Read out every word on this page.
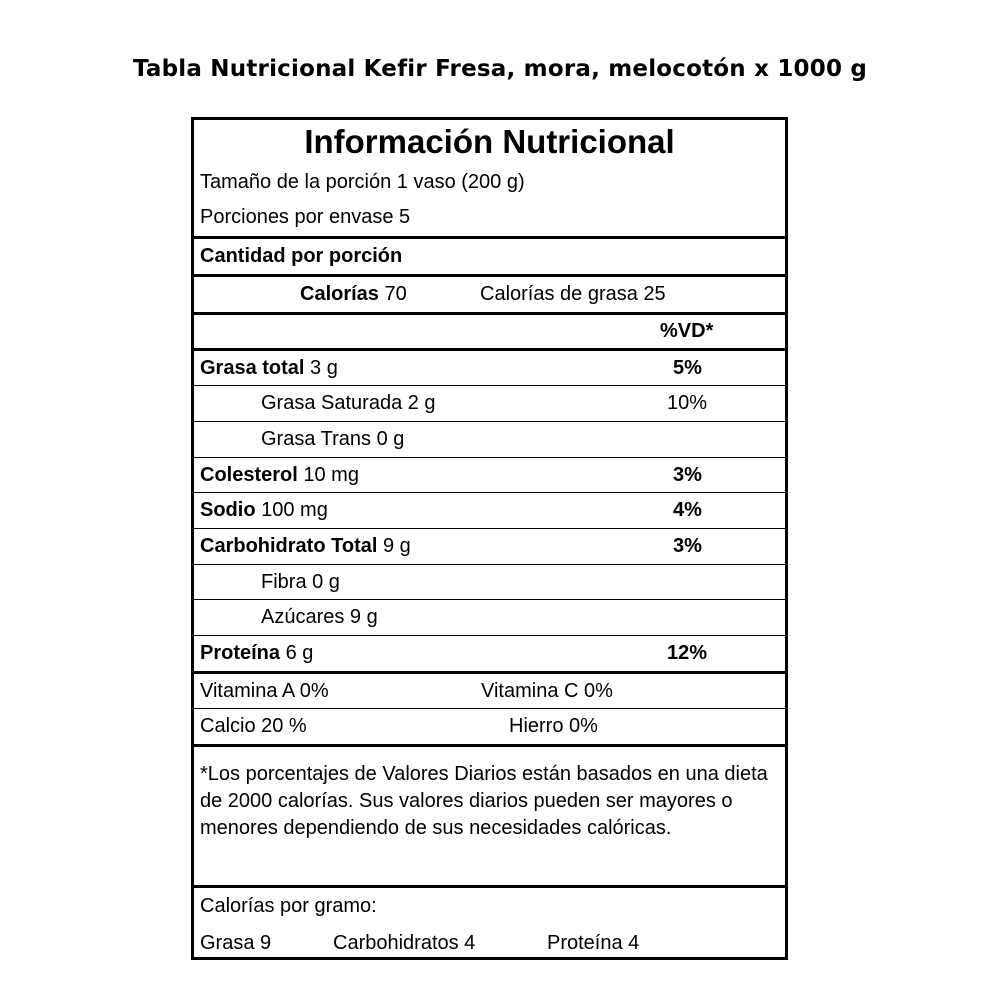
Tabla Nutricional Kefir Fresa, mora, melocotón x 1000 g
Información Nutricional
Tamaño de la porción 1 vaso (200 g)
Porciones por envase 5
Cantidad por porción
Calorías 70	Calorías de grasa 25
%VD*
Grasa total 3 g	5%
Grasa Saturada 2 g	10%
Grasa Trans 0 g
Colesterol 10 mg	3%
Sodio 100 mg	4%
Carbohidrato Total 9 g	3%
Fibra 0 g
Azúcares 9 g
Proteína 6 g	12%
Vitamina A 0%	Vitamina C 0%
Calcio 20 %	Hierro 0%
*Los porcentajes de Valores Diarios están basados en una dieta de 2000 calorías. Sus valores diarios pueden ser mayores o menores dependiendo de sus necesidades calóricas.
Calorías por gramo:
Grasa 9	Carbohidratos 4	Proteína 4
